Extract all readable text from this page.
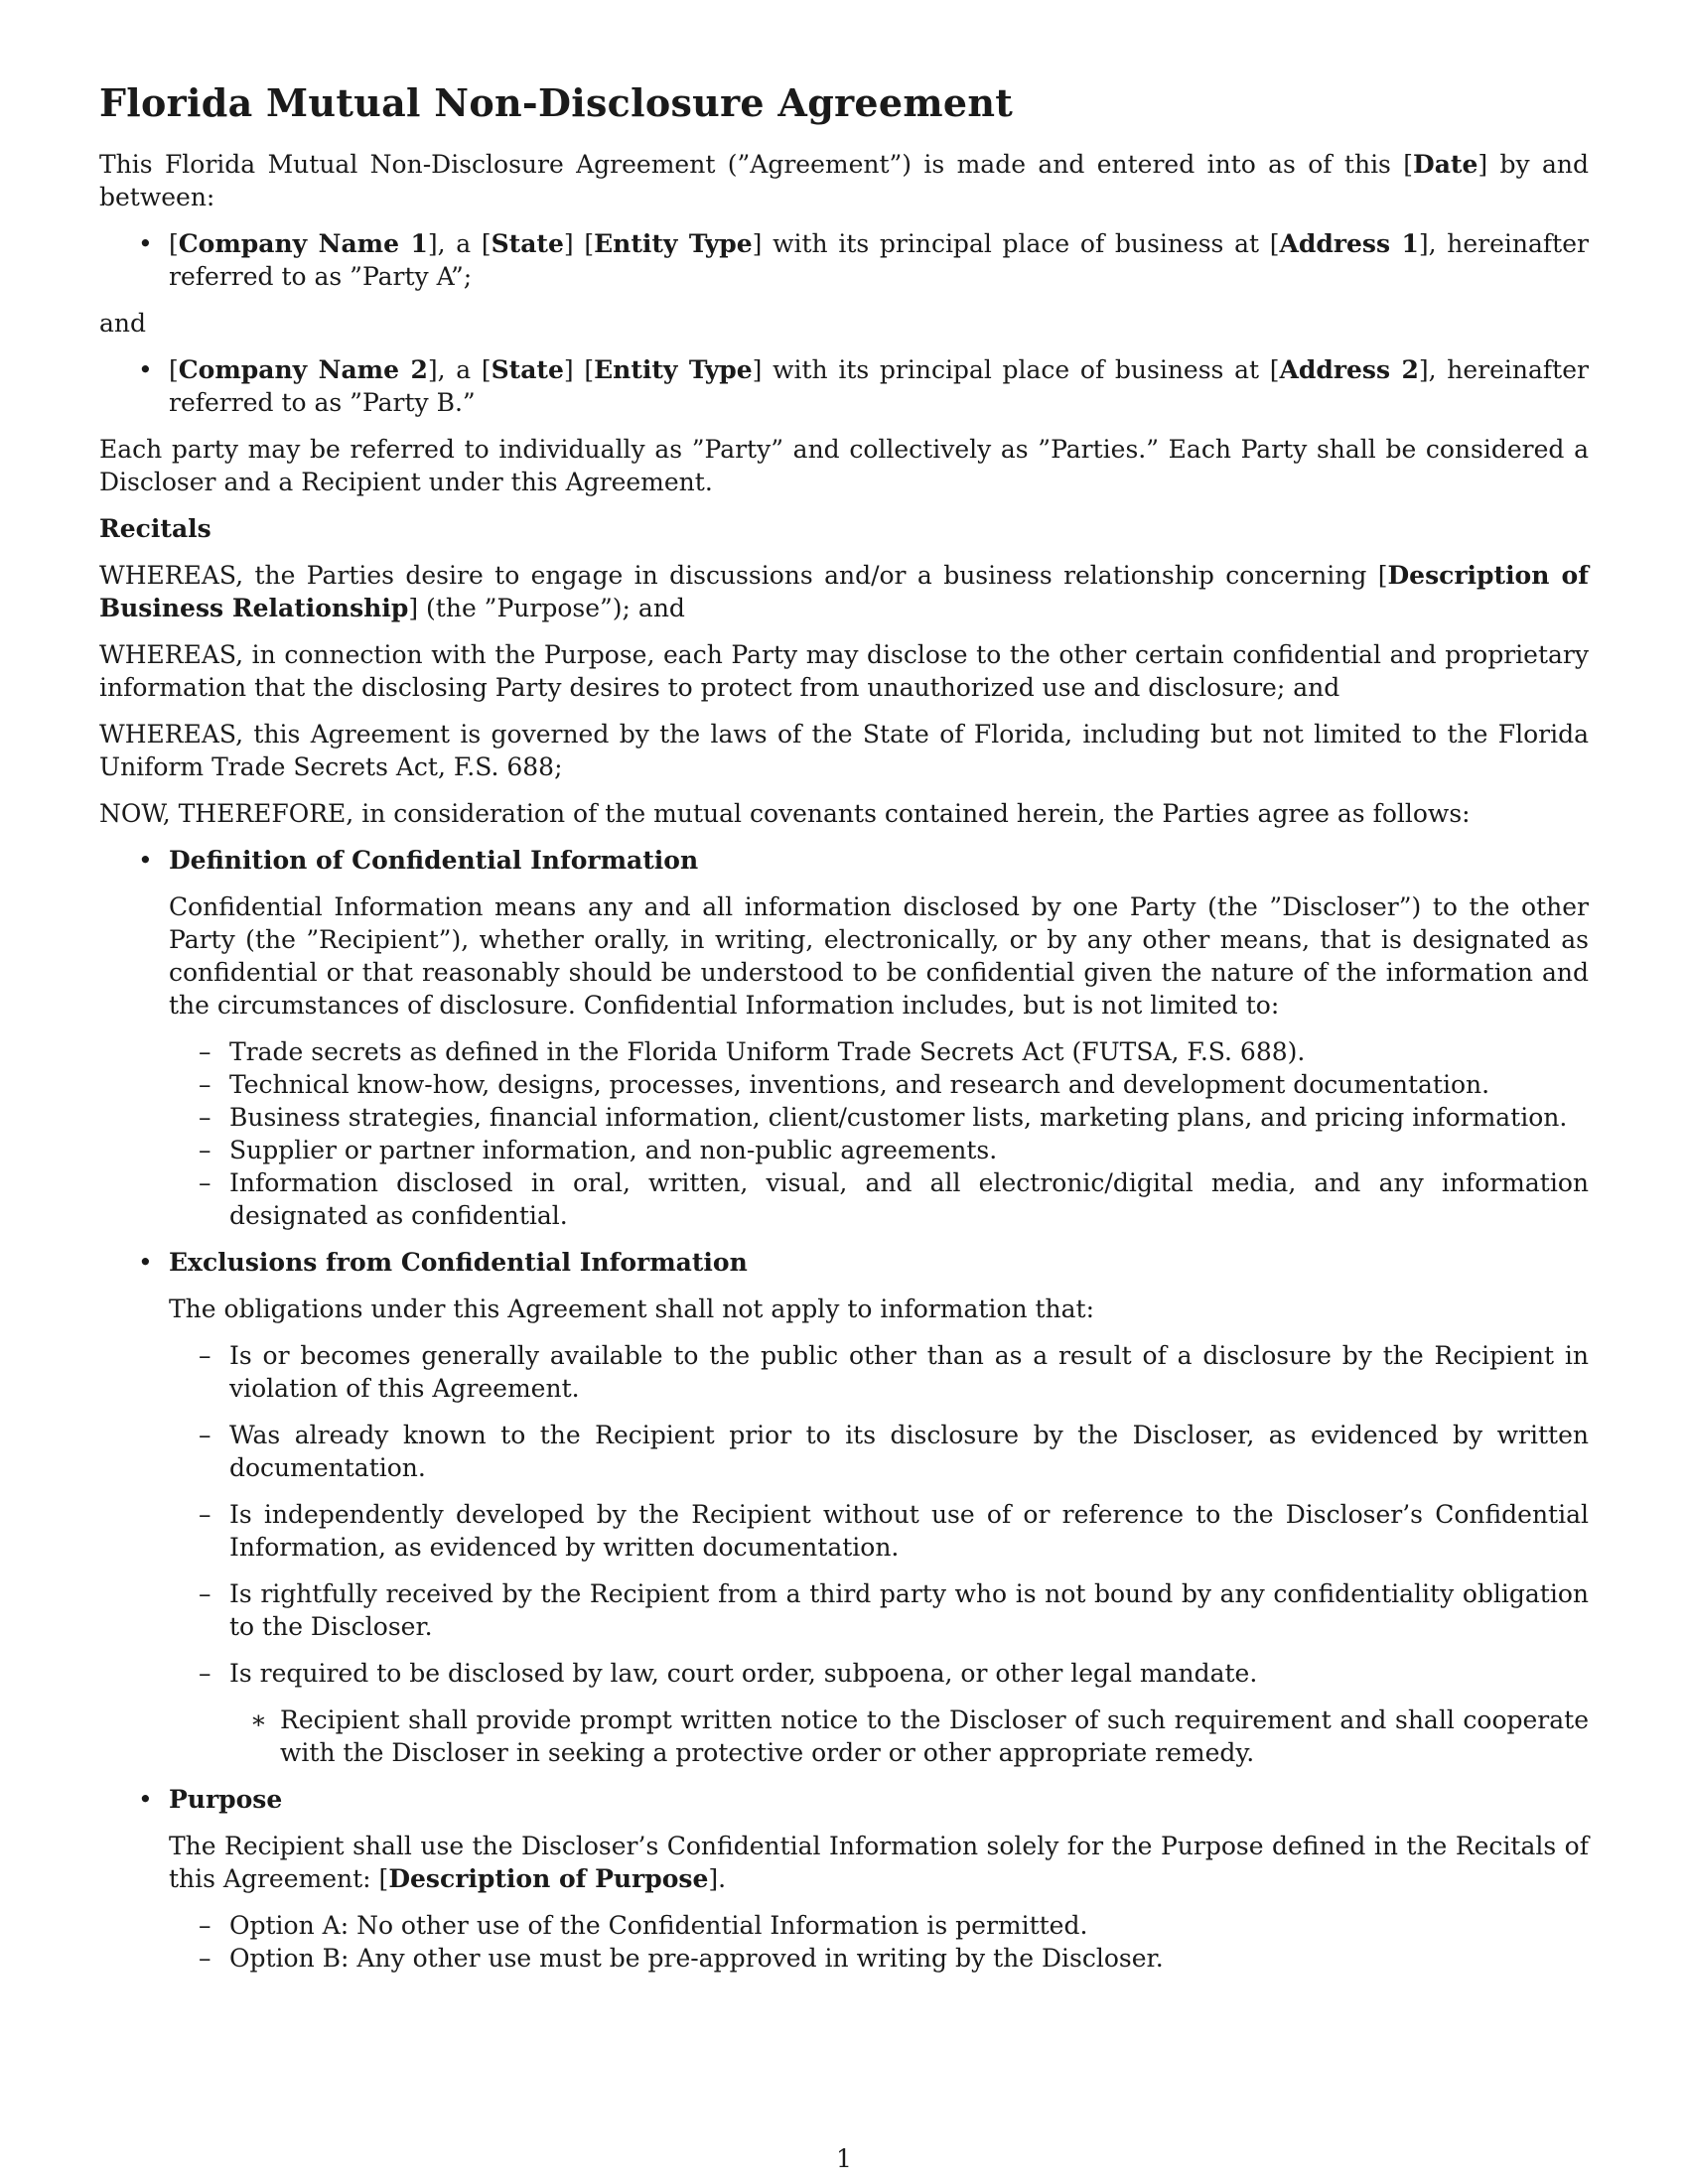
Florida Mutual Non-Disclosure Agreement

This Florida Mutual Non-Disclosure Agreement (”Agreement”) is made and entered into as of this [Date] by and between:

• [Company Name 1], a [State] [Entity Type] with its principal place of business at [Address 1], hereinafter referred to as ”Party A”;

and

• [Company Name 2], a [State] [Entity Type] with its principal place of business at [Address 2], hereinafter referred to as ”Party B.”

Each party may be referred to individually as ”Party” and collectively as ”Parties.” Each Party shall be considered a Discloser and a Recipient under this Agreement.

Recitals

WHEREAS, the Parties desire to engage in discussions and/or a business relationship concerning [Description of Business Relationship] (the ”Purpose”); and

WHEREAS, in connection with the Purpose, each Party may disclose to the other certain confidential and proprietary information that the disclosing Party desires to protect from unauthorized use and disclosure; and

WHEREAS, this Agreement is governed by the laws of the State of Florida, including but not limited to the Florida Uniform Trade Secrets Act, F.S. 688;

NOW, THEREFORE, in consideration of the mutual covenants contained herein, the Parties agree as follows:

• Definition of Confidential Information

Confidential Information means any and all information disclosed by one Party (the ”Discloser”) to the other Party (the ”Recipient”), whether orally, in writing, electronically, or by any other means, that is designated as confidential or that reasonably should be understood to be confidential given the nature of the information and the circumstances of disclosure. Confidential Information includes, but is not limited to:

– Trade secrets as defined in the Florida Uniform Trade Secrets Act (FUTSA, F.S. 688).
– Technical know-how, designs, processes, inventions, and research and development documentation.
– Business strategies, financial information, client/customer lists, marketing plans, and pricing information.
– Supplier or partner information, and non-public agreements.
– Information disclosed in oral, written, visual, and all electronic/digital media, and any information designated as confidential.
• Exclusions from Confidential Information

The obligations under this Agreement shall not apply to information that:

– Is or becomes generally available to the public other than as a result of a disclosure by the Recipient in violation of this Agreement.
– Was already known to the Recipient prior to its disclosure by the Discloser, as evidenced by written documentation.
– Is independently developed by the Recipient without use of or reference to the Discloser’s Confidential Information, as evidenced by written documentation.
– Is rightfully received by the Recipient from a third party who is not bound by any confidentiality obligation to the Discloser.
– Is required to be disclosed by law, court order, subpoena, or other legal mandate.
∗ Recipient shall provide prompt written notice to the Discloser of such requirement and shall cooperate with the Discloser in seeking a protective order or other appropriate remedy.
• Purpose

The Recipient shall use the Discloser’s Confidential Information solely for the Purpose defined in the Recitals of this Agreement: [Description of Purpose].

– Option A: No other use of the Confidential Information is permitted.
– Option B: Any other use must be pre-approved in writing by the Discloser.
1
